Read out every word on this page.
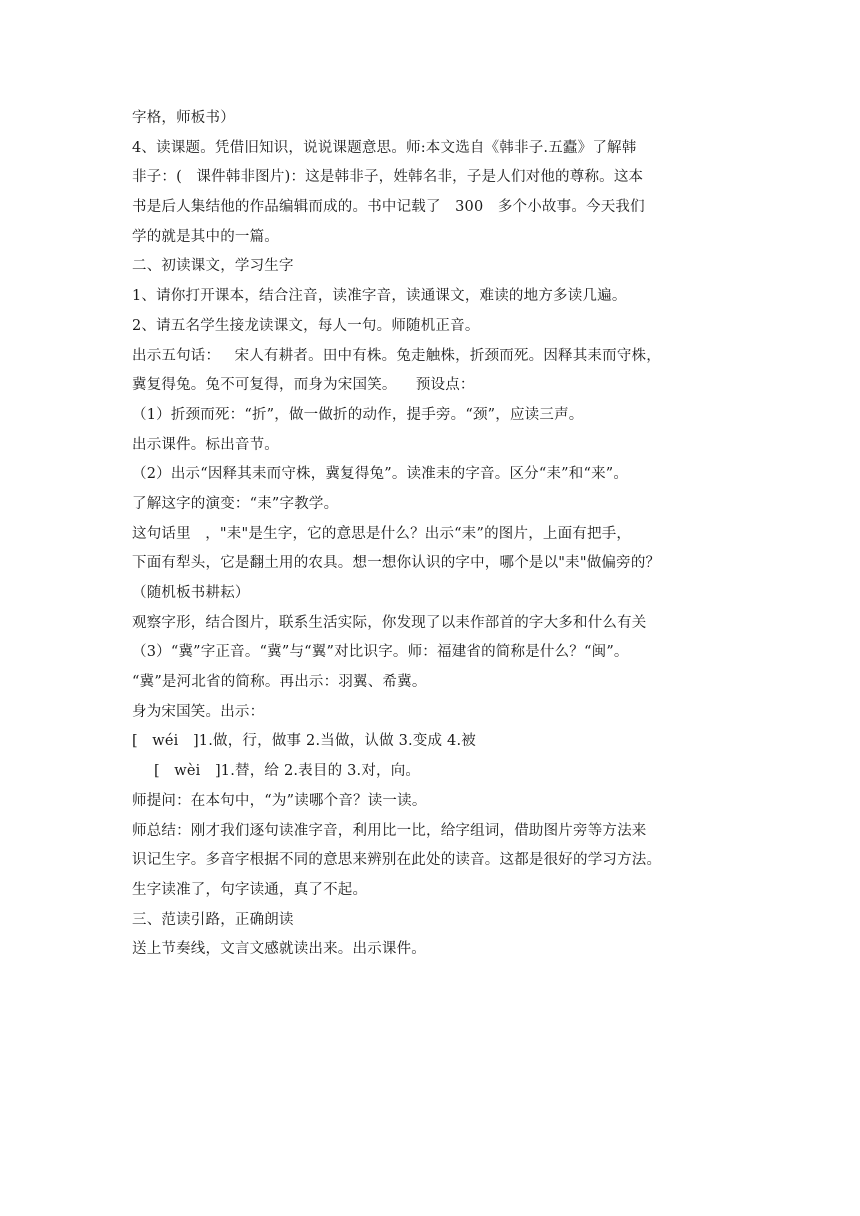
字格，师板书）
4、读课题。凭借旧知识，说说课题意思。师:本文选自《韩非子.五蠹》了解韩
非子：(   课件韩非图片)：这是韩非子，姓韩名非，子是人们对他的尊称。这本
书是后人集结他的作品编辑而成的。书中记载了   300   多个小故事。今天我们
学的就是其中的一篇。
二、初读课文，学习生字
1、请你打开课本，结合注音，读准字音，读通课文，难读的地方多读几遍。
2、请五名学生接龙读课文，每人一句。师随机正音。
出示五句话：   宋人有耕者。田中有株。兔走触株，折颈而死。因释其耒而守株，
冀复得兔。兔不可复得，而身为宋国笑。    预设点：
（1）折颈而死：“折”，做一做折的动作，提手旁。“颈”，应读三声。
出示课件。标出音节。
（2）出示“因释其耒而守株，冀复得兔”。读准耒的字音。区分“耒”和“来”。
了解这字的演变：“耒”字教学。
这句话里   ，"耒"是生字，它的意思是什么？出示“耒”的图片，上面有把手，
下面有犁头，它是翻土用的农具。想一想你认识的字中，哪个是以"耒"做偏旁的？
（随机板书耕耘）
观察字形，结合图片，联系生活实际，你发现了以耒作部首的字大多和什么有关
（3）“冀”字正音。“冀”与“翼”对比识字。师：福建省的简称是什么？“闽”。
“冀”是河北省的简称。再出示：羽翼、希冀。
身为宋国笑。出示：
[   wéi   ]1.做，行，做事 2.当做，认做 3.变成 4.被
[   wèi   ]1.替，给 2.表目的 3.对，向。
师提问：在本句中，“为”读哪个音？读一读。
师总结：刚才我们逐句读准字音，利用比一比，给字组词，借助图片旁等方法来
识记生字。多音字根据不同的意思来辨别在此处的读音。这都是很好的学习方法。
生字读准了，句字读通，真了不起。
三、范读引路，正确朗读
送上节奏线，文言文感就读出来。出示课件。
